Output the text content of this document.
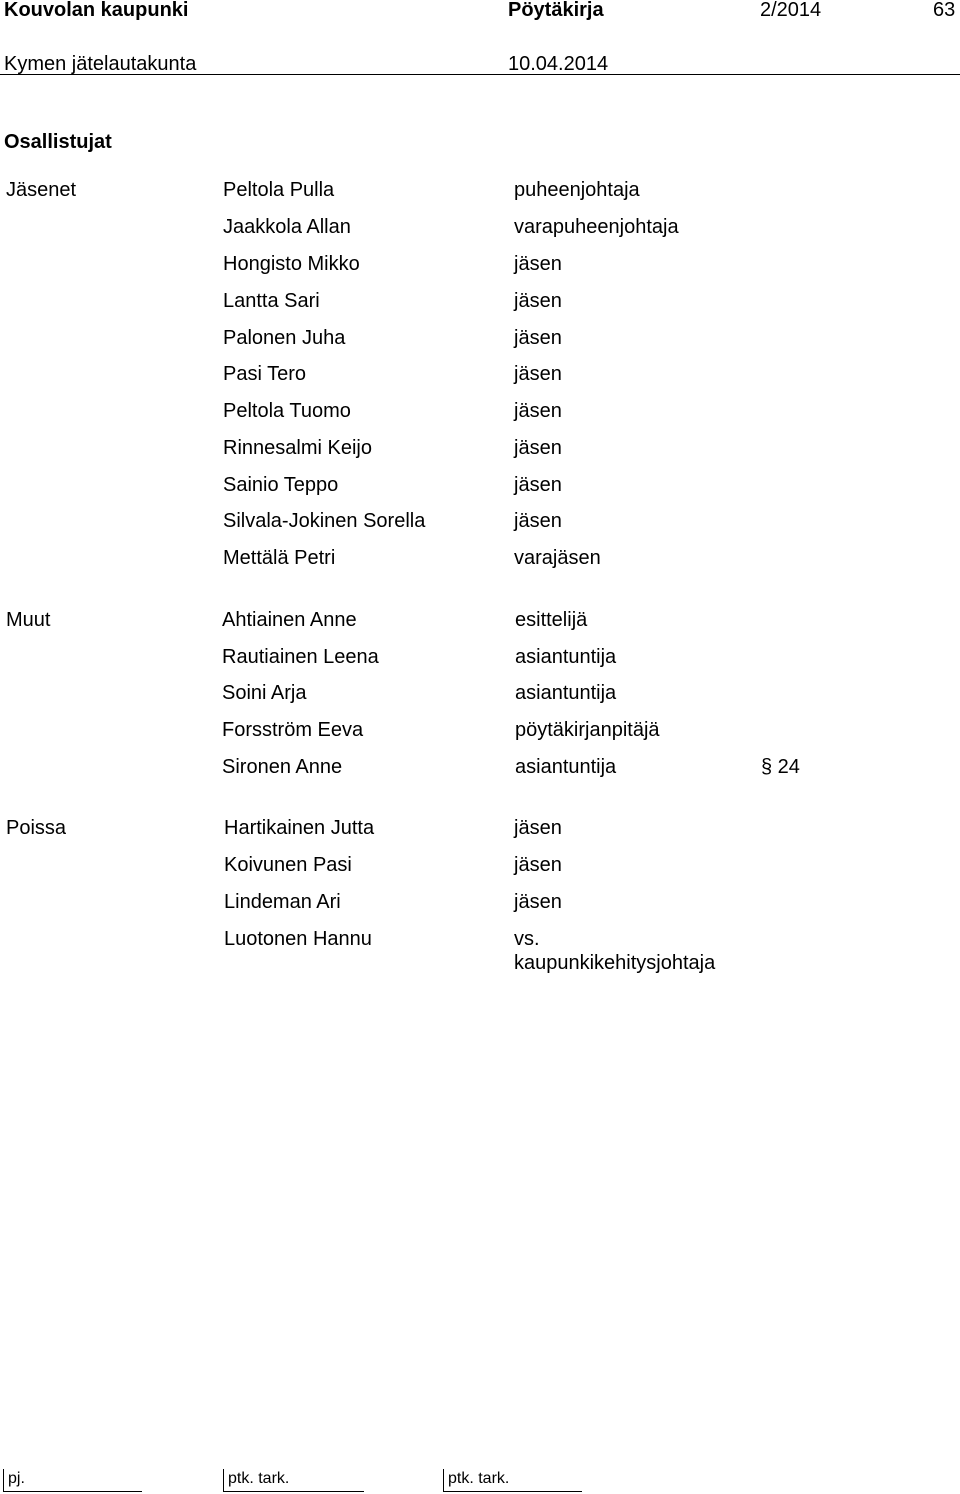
Kouvolan kaupunki	Pöytäkirja	2/2014	63
Kymen jätelautakunta	10.04.2014
Osallistujat
Jäsenet	Peltola Pulla	puheenjohtaja
Jaakkola Allan	varapuheenjohtaja
Hongisto Mikko	jäsen
Lantta Sari	jäsen
Palonen Juha	jäsen
Pasi Tero	jäsen
Peltola Tuomo	jäsen
Rinnesalmi Keijo	jäsen
Sainio Teppo	jäsen
Silvala-Jokinen Sorella	jäsen
Mettälä Petri	varajäsen
Muut	Ahtiainen Anne	esittelijä
Rautiainen Leena	asiantuntija
Soini Arja	asiantuntija
Forsström Eeva	pöytäkirjanpitäjä
Sironen Anne	asiantuntija	§ 24
Poissa	Hartikainen Jutta	jäsen
Koivunen Pasi	jäsen
Lindeman Ari	jäsen
Luotonen Hannu	vs.
kaupunkikehitysjohtaja
pj.	ptk. tark.	ptk. tark.
